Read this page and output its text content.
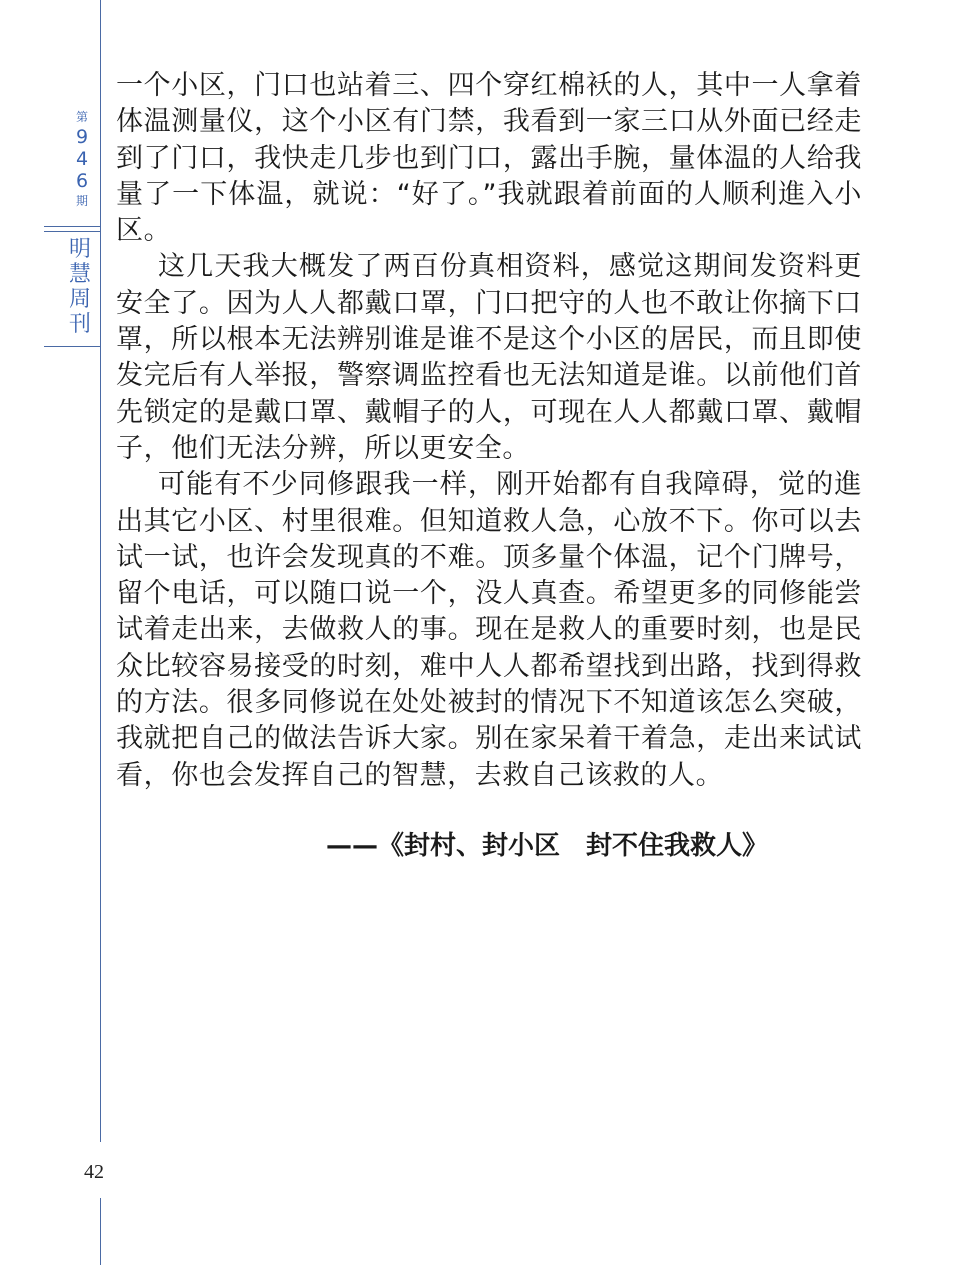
第
9
4
6
期
明
慧
周
刊

一个小区，门口也站着三、四个穿红棉袄的人，其中一人拿着体温测量仪，这个小区有门禁，我看到一家三口从外面已经走到了门口，我快走几步也到门口，露出手腕，量体温的人给我量了一下体温，就说：“好了。”我就跟着前面的人顺利進入小区。

这几天我大概发了两百份真相资料，感觉这期间发资料更安全了。因为人人都戴口罩，门口把守的人也不敢让你摘下口罩，所以根本无法辨别谁是谁不是这个小区的居民，而且即使发完后有人举报，警察调监控看也无法知道是谁。以前他们首先锁定的是戴口罩、戴帽子的人，可现在人人都戴口罩、戴帽子，他们无法分辨，所以更安全。

可能有不少同修跟我一样，刚开始都有自我障碍，觉的進出其它小区、村里很难。但知道救人急，心放不下。你可以去试一试，也许会发现真的不难。顶多量个体温，记个门牌号，留个电话，可以随口说一个，没人真查。希望更多的同修能尝试着走出来，去做救人的事。现在是救人的重要时刻，也是民众比较容易接受的时刻，难中人人都希望找到出路，找到得救的方法。很多同修说在处处被封的情况下不知道该怎么突破，我就把自己的做法告诉大家。别在家呆着干着急，走出来试试看，你也会发挥自己的智慧，去救自己该救的人。

——《封村、封小区　封不住我救人》
42
